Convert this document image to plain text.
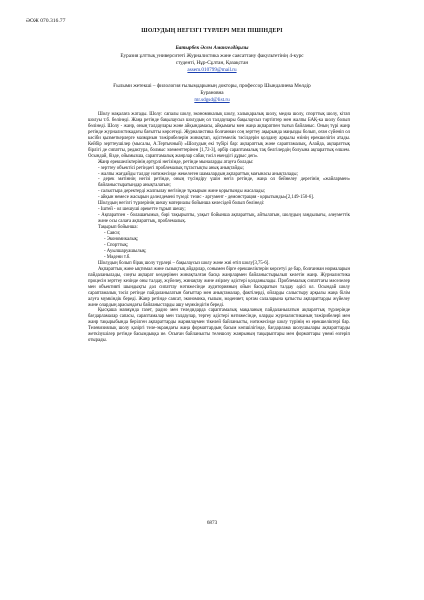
ӘОЖ 070.316.77
ШОЛУДЫҢ НЕГІЗГІ ТҮРЛЕРІ МЕН ПІШІНДЕРІ
Батырбек Әсем Амангелдіқызы
Еуразия ұлттық университеті Журналистика және саясаттану факультетінің 4-курс
студенті, Нұр-Сұлтан, Қазақстан
assem.010799@mail.ru
Ғылыми жетекші – филология ғылымдарының докторы, профессор Шындалиева Мөлдір
Бурановна
mr.sdgsd@list.ru

Шолу мақалаға жатады. Шолу: сапалы шолу, экономикалық шолу, халықаралық шолу, медиа шолу, спорттық шолу, кітап шолуы т.б. бөлінеді. Жаңа ретінде бақылаусыз шолудың ол талдаулары бақылаусыз тәртіптер мен жалпы БАҚ-ка шолу болып бөлінеді. Шолу - жанр, оның талдаулары және айқындамасы, айқымағы мен жаңа ақпаратпен тығыз байланыс. Оның түрі жанр ретінде журналистикадағы бағытты көрсетеді. Журналистика болғаннан соң зерттеу ақырында маңызды болып, оған сүйеніп ол кәсіби қызметкерлерге мазмұнын тәжірибелерін жинақтап, әдістемелік тәсілдерін қолдану арқылы өзінің ерекшелігін атады. Кейбір зерттеушілер (мысалы, А.Тертычный) «Шолудың екі түбірі бар: ақпараттық және сараптамалық, Алайда, ақпараттық бірлігі де сипатты, редактура, болмыс элементтерінен [1,72-3], әрбір сараптамалық тақ белгілердің болуына ақпараттық өлшем. Осындай, бізде, ойымызша, сараптамалық жанрлар сабақ тәсіл екендігі дұрыс деп».

Жанр ерекшеліктерінің әртүрлі негізінде, ретінде мыналарды атауға болады:

- зерттеу объектісі ретіндегі проблемалық тұтастықты анық анықтайды;

- жалпы жағдайды талдау нәтижесінде жекелеген шамалардың ақпараттық мағынасы анықталады;

- дерек мәтіннің негізі ретінде, оның түсіндіру үшін негіз ретінде, жаңа ол бейнелеу дерегінің «жайлармен» байланыстыратындар анықталатын;

- салыстыра деректерді жалпылау негізінде тұжырым және қорытынды жасалады;

- айқын немесе жасырын дәлелдемені түзеді: тезис - аргумент - демонстрация - қорытынды»[2,149-150-6].

Шолудың негізгі түрлерінің шешу материалы бойынша келесідей болып бөлінеді:

- Іштей - ол шешуші әрекетте тұрып шешу;

- Ақпаратпен - болашағымыз, бәрі тақырыпты, уақыт бойынша ақпараттық, айтылатын, шолудың заңдылығы, әлеуметтік және осы салаға ақпараттық, проблемалық.

Тақырып бойынша:

- Саяси;

- Экономикалық;

- Спорттық;

- Ауылшаруашылық;

- Мәдени т.б.

Шолудың болып бірақ шолу түрлері – бақылаусыз шолу және жиі өтіп шолу[3,75-6].

Ақпараттық және ықтимал және сызықтық айдарлар, сонымен бірге ерекшеліктерін көрсетуі де бар, болғаннан нормаларын пайдаланылады, соңғы ақпарат көздерінен жинақталған басқа жанрлармен байланыстырылып келетін жанр. Журналистика процесін зерттеу кезінде оны талдау, жүйелеу, жинақтау және әзірлеу әдістері қолданылады. Проблемалық сипаттағы мәселелер мен объективті шындықты дәл сипаттау нәтижесінде аудиторияның ойын басқаратын талдау әдісі ол. Осындай шолу сараптамалық тәсіл ретінде пайдаланылатын бағыттар мен анықтамалар, фактілерді, ойларды салыстыру арқылы жаңа білім алуға мүмкіндік береді. Жанр ретінде саясат, экономика, ғылым, мәдениет, қоғам салаларына қатысты ақпараттарды жүйелеу және олардың арасындағы байланыстарды ашу мүмкіндігін береді.

Қысқаша мазмұнда газет, радио мен теледидарда сараптамалық мақаланың пайдаланылатын ақпараттық түрлерінде бағдарламалар сапасы, сараптамалар мен талдаулар, тергеу әдістері нәтижесінде, оларды журналистиканың тәжірибелері мен жанр тақырыбында берілген ақпараттарды жариялаумен тікелей байланысты, нәтижесінде шолу түрінің өз ерекшеліктері бар. Телевизиялық шолу қазіргі теле-экрандағы жаңа форматтардың басым көпшілігінде, бағдарлама шолушылары ақпараттарды жеткізушілер ретінде басымдыққа ие. Осыған байланысты телешолу жанрының тақырыптары мен форматтары үнемі өзгеріп отырады.

6873
